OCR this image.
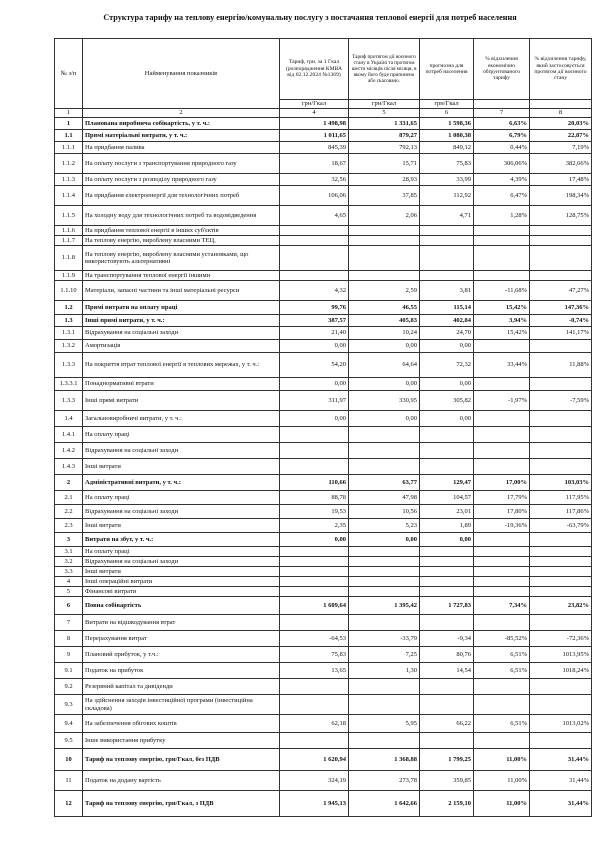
Структура тарифу на теплову енергію/комунальну послугу з постачання теплової енергії для потреб населення
№ з/п	Найменування показників	Тариф, грн. за 1 Гкал (розпорядження КМВА від 02.12.2024 №1369)	Тариф протягом дії воєнного стану в Україні та протягом шести місяців після місяця, в якому його буде припинено або скасовано.	прогнозна для потреб населення	% відхилення економічно обґрунтованого тарифу	% відхилення тарифу, який застосовується протягом дії воєнного стану
		грн/Гкал	грн/Гкал	грн/Гкал		
1	2	4	5	6	7	8
1	Планована виробнича собівартість, у т. ч.:	1 498,98	1 331,65	1 598,36	6,63%	20,03%
1.1	Прямі матеріальні витрати, у т. ч.:	1 011,65	879,27	1 080,38	6,79%	22,87%
1.1.1	На придбання палива	845,39	792,13	849,12	0,44%	7,19%
1.1.2	На оплату послуги з транспортування природного газу	18,67	15,71	75,83	306,06%	382,66%
1.1.3	На оплату послуги з розподілу природного газу	32,56	28,93	33,99	4,39%	17,48%
1.1.4	На придбання електроенергії для технологічних потреб	106,06	37,85	112,92	6,47%	198,34%
1.1.5	На холодну воду для технологічних потреб та водовідведення	4,65	2,06	4,71	1,28%	128,75%
1.1.6	На придбання теплової енергії в інших суб'єктів					
1.1.7	На теплову енергію, вироблену власними ТЕЦ,					
1.1.8	На теплову енергію, вироблену власними установками, що використовують альтернативні					
1.1.9	На транспортування теплової енергії іншими					
1.1.10	Матеріали, запасні частини та інші матеріальні ресурси	4,32	2,59	3,81	-11,68%	47,27%
1.2	Прямі витрати на оплату праці	99,76	46,55	115,14	15,42%	147,36%
1.3	Інші прямі витрати, у т. ч.:	387,57	405,83	402,84	3,94%	-0,74%
1.3.1	Відрахування на соціальні заходи	21,40	10,24	24,70	15,42%	141,17%
1.3.2	Амортизація	0,00	0,00	0,00		
1.3.3	На покриття втрат теплової енергії в теплових мережах, у т. ч.:	54,20	64,64	72,32	33,44%	11,88%
1.3.3.1	Понаднормативні втрати	0,00	0,00	0,00		
1.3.3	Інші прямі витрати	311,97	330,95	305,82	-1,97%	-7,59%
1.4	Загальновиробничі витрати, у т. ч.:	0,00	0,00	0,00		
1.4.1	На оплату праці					
1.4.2	Відрахування на соціальні заходи					
1.4.3	Інші витрати					
2	Адміністративні витрати, у т. ч.:	110,66	63,77	129,47	17,00%	103,03%
2.1	На оплату праці	88,78	47,98	104,57	17,79%	117,95%
2.2	Відрахування на соціальні заходи	19,53	10,56	23,01	17,80%	117,86%
2.3	Інші витрати	2,35	5,23	1,89	-19,36%	-63,79%
3	Витрати на збут, у т. ч.:	0,00	0,00	0,00		
3.1	На оплату праці					
3.2	Відрахування на соціальні заходи					
3.3	Інші витрати					
4	Інші операційні витрати					
5	Фінансові витрати					
6	Повна собівартість	1 609,64	1 395,42	1 727,83	7,34%	23,82%
7	Витрати на відшкодування втрат					
8	Перерахування витрат	-64,53	-33,79	-9,34	-85,52%	-72,36%
9	Плановий прибуток, у т.ч.:	75,83	7,25	80,76	6,51%	1013,95%
9.1	Податок на прибуток	13,65	1,30	14,54	6,51%	1018,24%
9.2	Резервний капітал та дивіденди					
9.3	На здійснення заходів інвестиційної програми (інвестиційна складова)					
9.4	На забезпечення обігових коштів	62,18	5,95	66,22	6,51%	1013,02%
9.5	Інше використання прибутку					
10	Тариф на теплову енергію, грн/Гкал, без ПДВ	1 620,94	1 368,88	1 799,25	11,00%	31,44%
11	Податок на додану вартість	324,19	273,78	359,85	11,00%	31,44%
12	Тариф на теплову енергію, грн/Гкал, з ПДВ	1 945,13	1 642,66	2 159,10	11,00%	31,44%
